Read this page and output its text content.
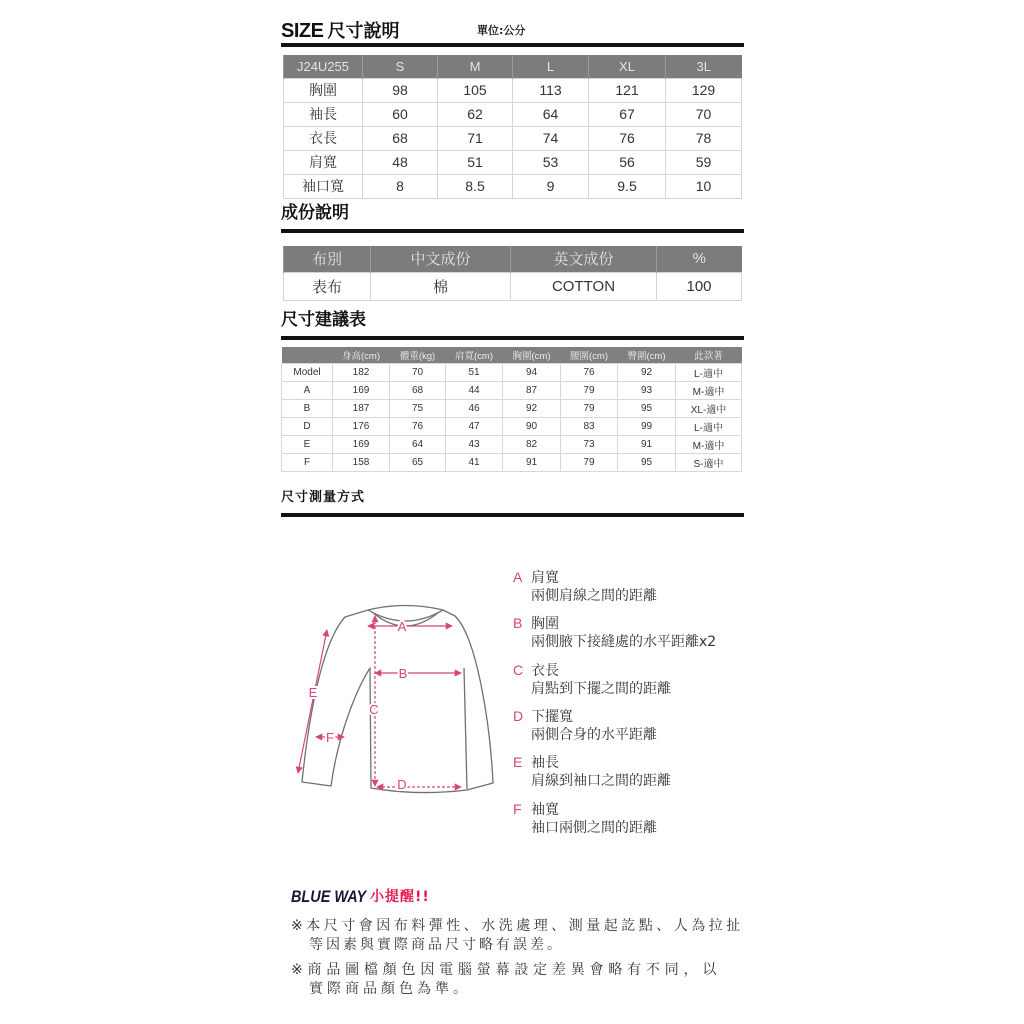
SIZE 尺寸說明	單位:公分
J24U255	S	M	L	XL	3L
胸圍	98	105	113	121	129
袖長	60	62	64	67	70
衣長	68	71	74	76	78
肩寬	48	51	53	56	59
袖口寬	8	8.5	9	9.5	10
成份說明
布別	中文成份	英文成份	%
表布	棉	COTTON	100
尺寸建議表
	身高(cm)	體重(kg)	肩寬(cm)	胸圍(cm)	腰圍(cm)	臀圍(cm)	此款著
Model	182	70	51	94	76	92	L-適中
A	169	68	44	87	79	93	M-適中
B	187	75	46	92	79	95	XL-適中
D	176	76	47	90	83	99	L-適中
E	169	64	43	82	73	91	M-適中
F	158	65	41	91	79	95	S-適中
尺寸測量方式
A
B
C
D
E
F
A 肩寬
兩側肩線之間的距離
B 胸圍
兩側腋下接縫處的水平距離x2
C 衣長
肩點到下擺之間的距離
D 下擺寬
兩側合身的水平距離
E 袖長
肩線到袖口之間的距離
F 袖寬
袖口兩側之間的距離
BLUE WAY 小提醒!!
※本尺寸會因布料彈性、水洗處理、測量起訖點、人為拉扯
等因素與實際商品尺寸略有誤差。
※商品圖檔顏色因電腦螢幕設定差異會略有不同，以
實際商品顏色為準。
